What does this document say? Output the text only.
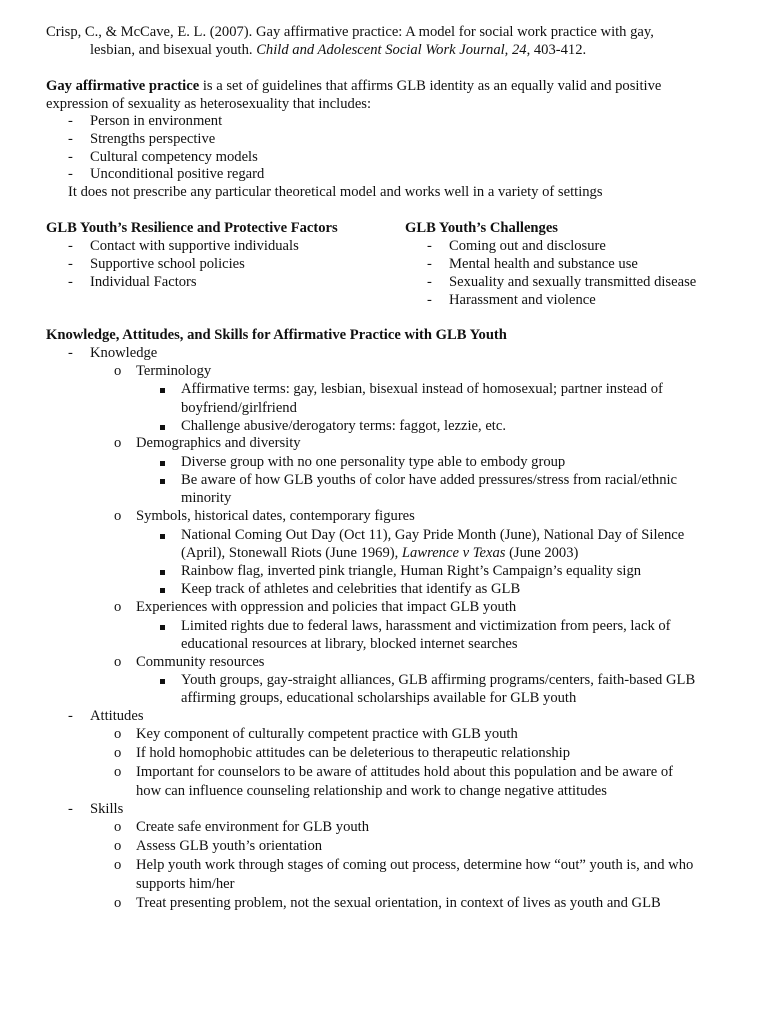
Crisp, C., & McCave, E. L. (2007). Gay affirmative practice: A model for social work practice with gay,
lesbian, and bisexual youth. Child and Adolescent Social Work Journal, 24, 403-412.
Gay affirmative practice is a set of guidelines that affirms GLB identity as an equally valid and positive
expression of sexuality as heterosexuality that includes:
- Person in environment
- Strengths perspective
- Cultural competency models
- Unconditional positive regard
It does not prescribe any particular theoretical model and works well in a variety of settings
GLB Youth’s Resilience and Protective Factors	GLB Youth’s Challenges
- Contact with supportive individuals
- Supportive school policies
- Individual Factors
- Coming out and disclosure
- Mental health and substance use
- Sexuality and sexually transmitted disease
- Harassment and violence
Knowledge, Attitudes, and Skills for Affirmative Practice with GLB Youth
- Knowledge
o Terminology
Affirmative terms: gay, lesbian, bisexual instead of homosexual; partner instead of
boyfriend/girlfriend
Challenge abusive/derogatory terms: faggot, lezzie, etc.
o Demographics and diversity
Diverse group with no one personality type able to embody group
Be aware of how GLB youths of color have added pressures/stress from racial/ethnic
minority
o Symbols, historical dates, contemporary figures
National Coming Out Day (Oct 11), Gay Pride Month (June), National Day of Silence
(April), Stonewall Riots (June 1969), Lawrence v Texas (June 2003)
Rainbow flag, inverted pink triangle, Human Right’s Campaign’s equality sign
Keep track of athletes and celebrities that identify as GLB
o Experiences with oppression and policies that impact GLB youth
Limited rights due to federal laws, harassment and victimization from peers, lack of
educational resources at library, blocked internet searches
o Community resources
Youth groups, gay-straight alliances, GLB affirming programs/centers, faith-based GLB
affirming groups, educational scholarships available for GLB youth
- Attitudes
o Key component of culturally competent practice with GLB youth
o If hold homophobic attitudes can be deleterious to therapeutic relationship
o Important for counselors to be aware of attitudes hold about this population and be aware of
how can influence counseling relationship and work to change negative attitudes
- Skills
o Create safe environment for GLB youth
o Assess GLB youth’s orientation
o Help youth work through stages of coming out process, determine how “out” youth is, and who
supports him/her
o Treat presenting problem, not the sexual orientation, in context of lives as youth and GLB
